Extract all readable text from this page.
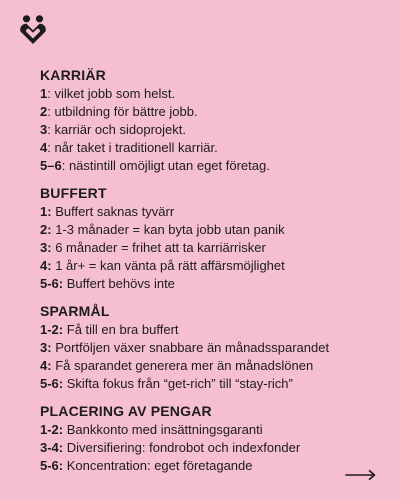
KARRIÄR
1: vilket jobb som helst.
2: utbildning för bättre jobb.
3: karriär och sidoprojekt.
4: når taket i traditionell karriär.
5–6: nästintill omöjligt utan eget företag.
BUFFERT
1: Buffert saknas tyvärr
2: 1-3 månader = kan byta jobb utan panik
3: 6 månader = frihet att ta karriärrisker
4: 1 år+ = kan vänta på rätt affärsmöjlighet
5-6: Buffert behövs inte
SPARMÅL
1-2: Få till en bra buffert
3: Portföljen växer snabbare än månadssparandet
4: Få sparandet generera mer än månadslönen
5-6: Skifta fokus från “get-rich” till “stay-rich”
PLACERING AV PENGAR
1-2: Bankkonto med insättningsgaranti
3-4: Diversifiering: fondrobot och indexfonder
5-6: Koncentration: eget företagande
